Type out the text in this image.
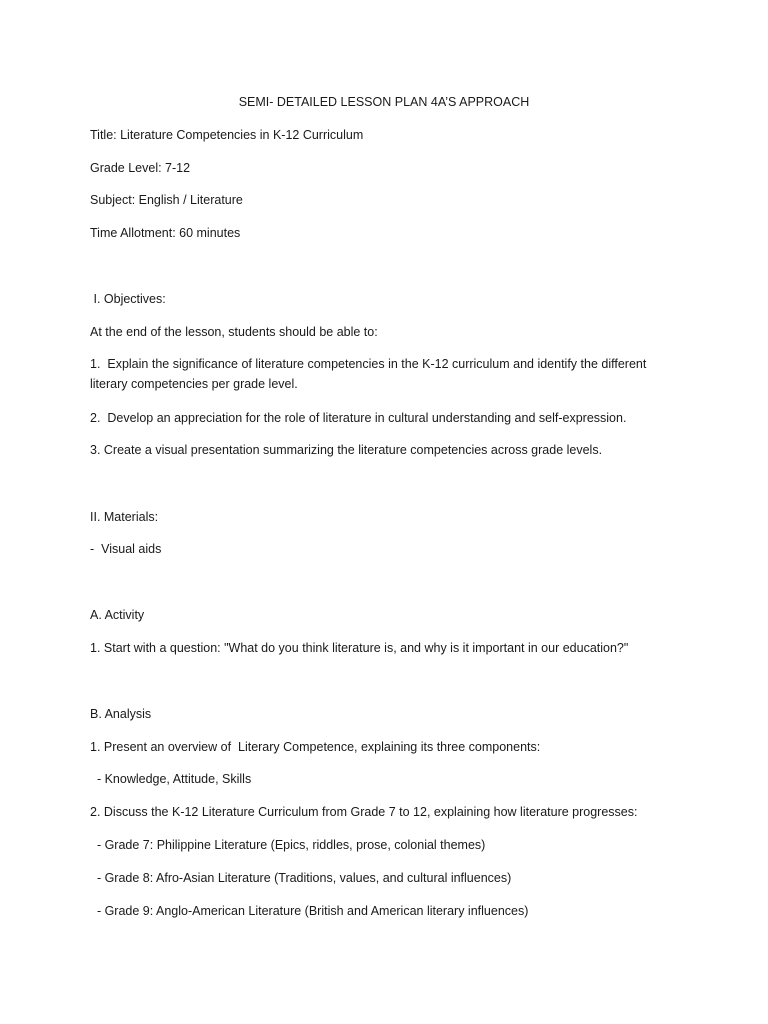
SEMI- DETAILED LESSON PLAN 4A’S APPROACH
Title: Literature Competencies in K-12 Curriculum
Grade Level: 7-12
Subject: English / Literature
Time Allotment: 60 minutes
I. Objectives:
At the end of the lesson, students should be able to:
1.  Explain the significance of literature competencies in the K-12 curriculum and identify the different literary competencies per grade level.
2.  Develop an appreciation for the role of literature in cultural understanding and self-expression.
3. Create a visual presentation summarizing the literature competencies across grade levels.
II. Materials:
-  Visual aids
A. Activity
1. Start with a question: "What do you think literature is, and why is it important in our education?"
B. Analysis
1. Present an overview of  Literary Competence, explaining its three components:
- Knowledge, Attitude, Skills
2. Discuss the K-12 Literature Curriculum from Grade 7 to 12, explaining how literature progresses:
- Grade 7: Philippine Literature (Epics, riddles, prose, colonial themes)
- Grade 8: Afro-Asian Literature (Traditions, values, and cultural influences)
- Grade 9: Anglo-American Literature (British and American literary influences)
